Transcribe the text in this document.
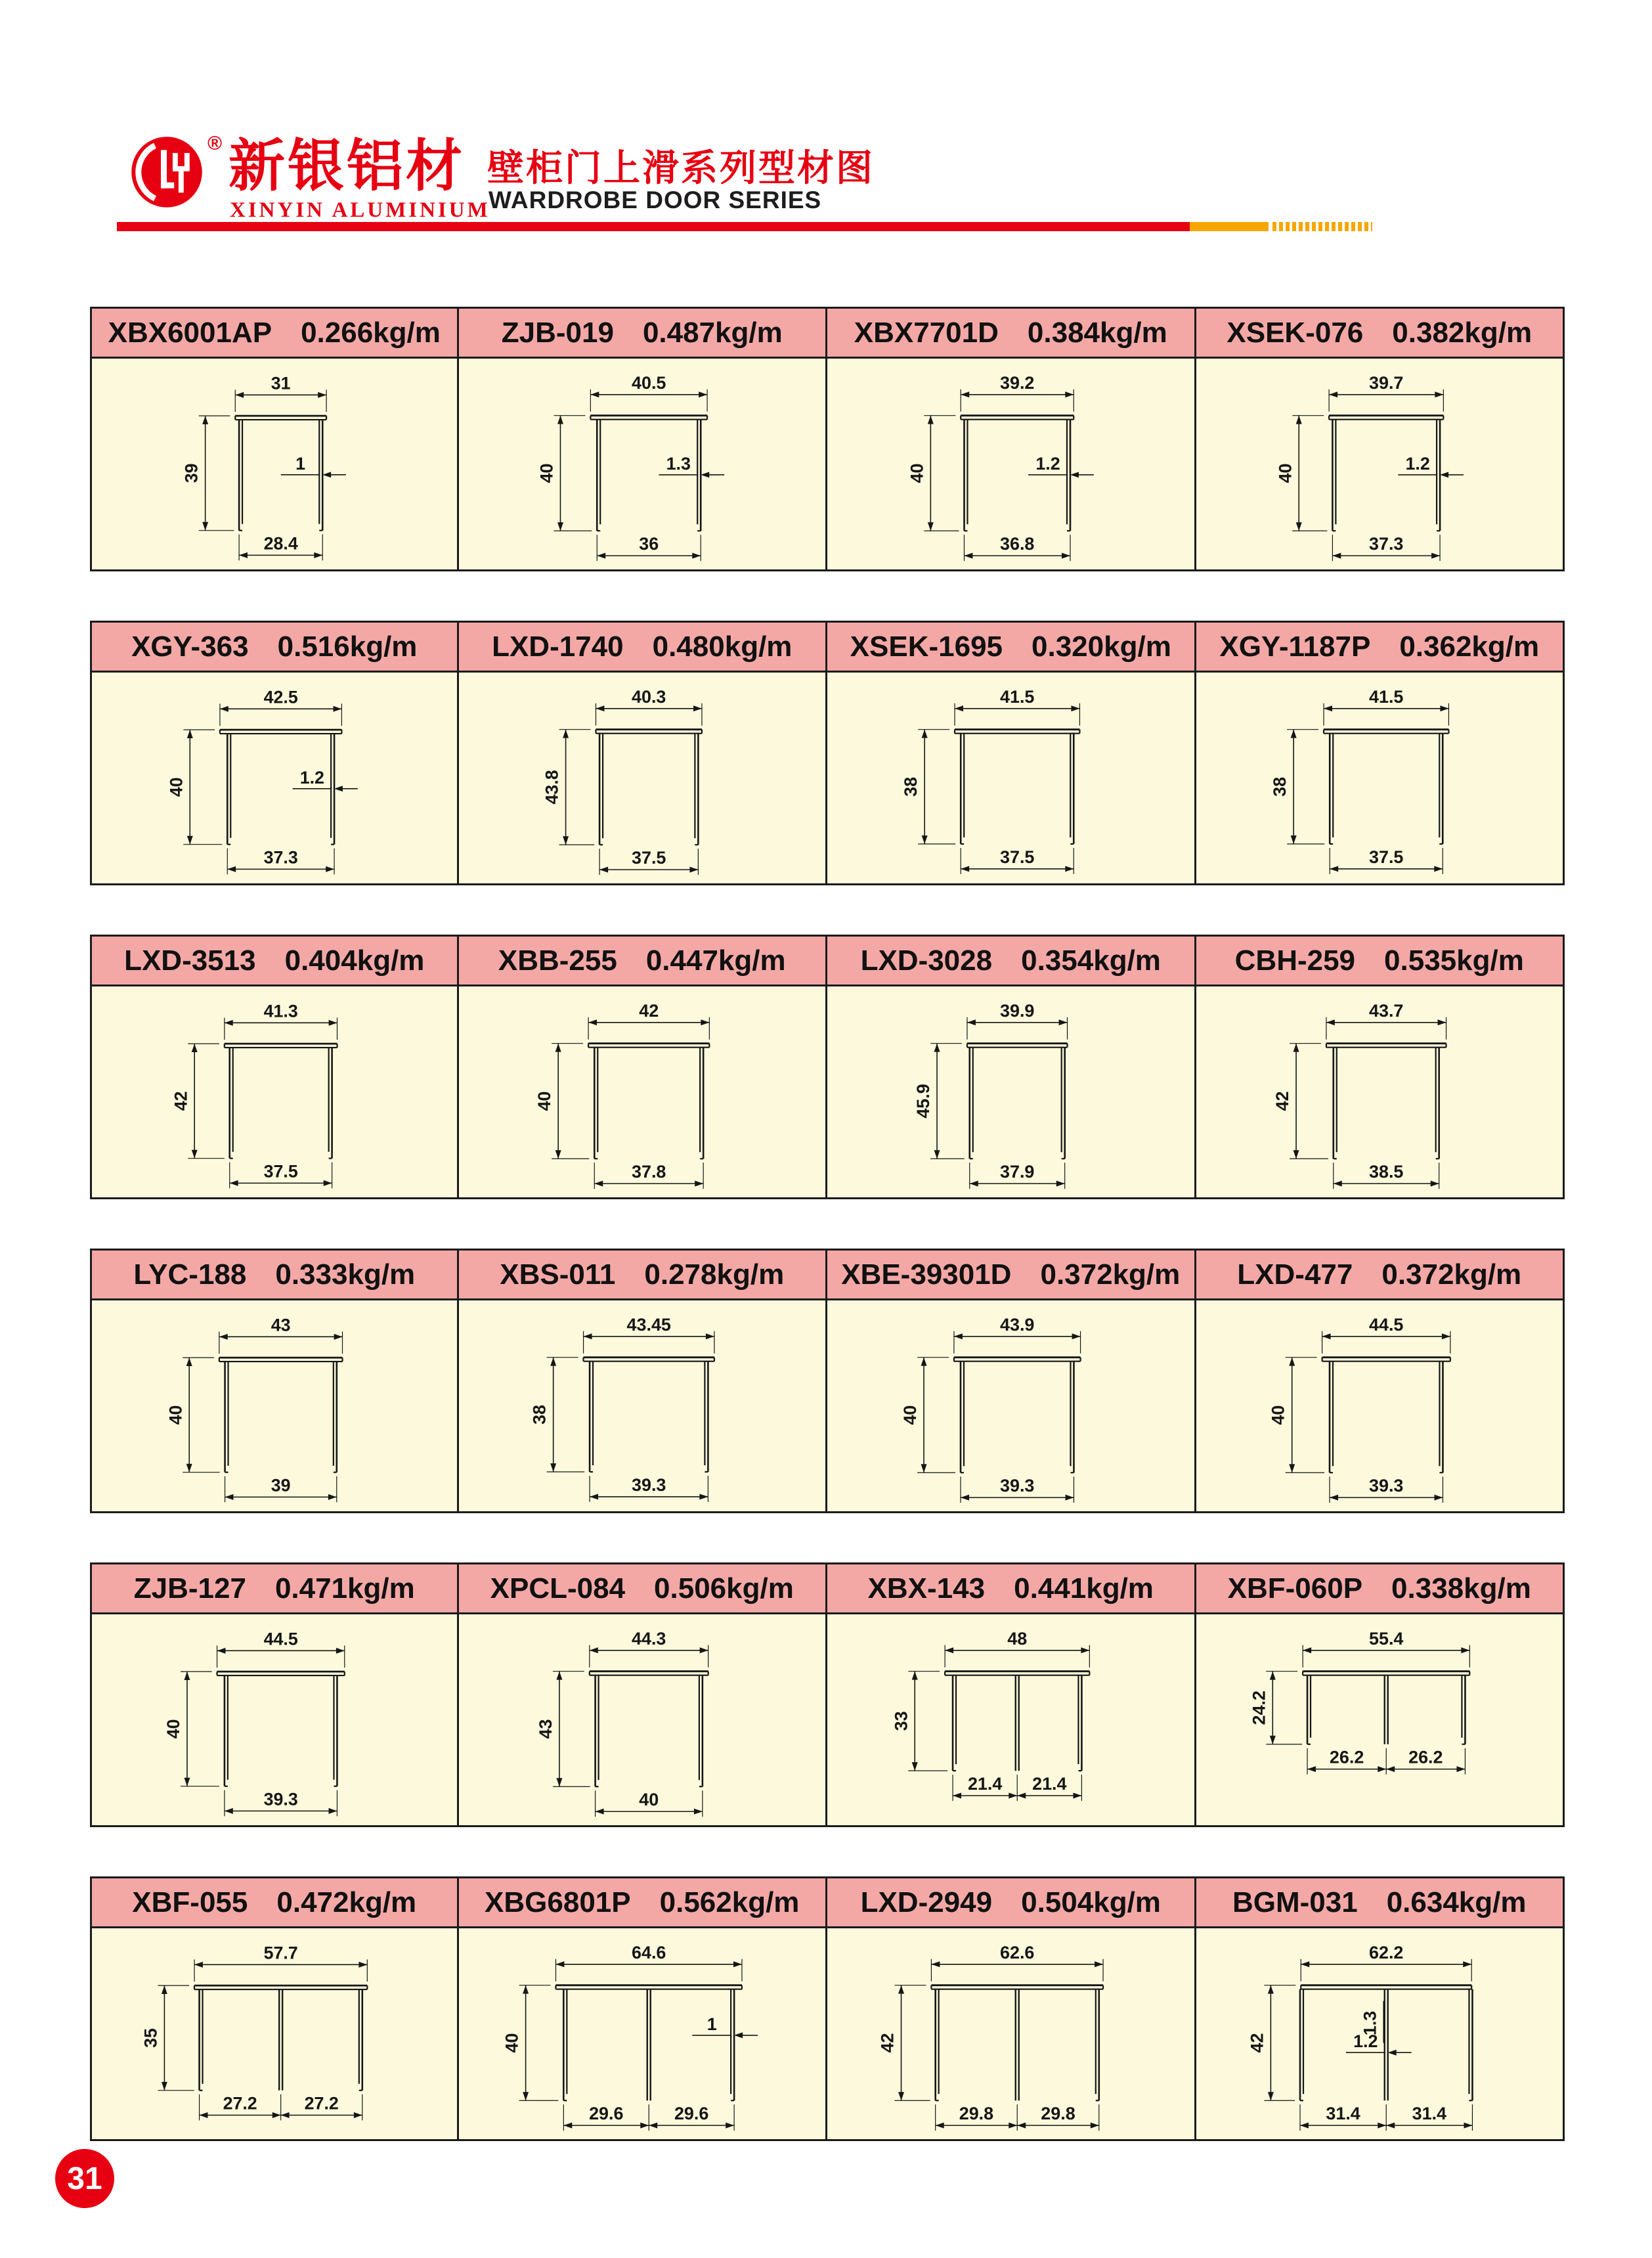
® 新银铝材
XINYIN ALUMINIUM
壁柜门上滑系列型材图
WARDROBE DOOR SERIES
XBX6001AP 0.266kg/m
31
39
28.4
1
ZJB-019 0.487kg/m
40.5
40
36
1.3
XBX7701D 0.384kg/m
39.2
40
36.8
1.2
XSEK-076 0.382kg/m
39.7
40
37.3
1.2
XGY-363 0.516kg/m
42.5
40
37.3
1.2
LXD-1740 0.480kg/m
40.3
43.8
37.5
XSEK-1695 0.320kg/m
41.5
38
37.5
XGY-1187P 0.362kg/m
41.5
38
37.5
LXD-3513 0.404kg/m
41.3
42
37.5
XBB-255 0.447kg/m
42
40
37.8
LXD-3028 0.354kg/m
39.9
45.9
37.9
CBH-259 0.535kg/m
43.7
42
38.5
LYC-188 0.333kg/m
43
40
39
XBS-011 0.278kg/m
43.45
38
39.3
XBE-39301D 0.372kg/m
43.9
40
39.3
LXD-477 0.372kg/m
44.5
40
39.3
ZJB-127 0.471kg/m
44.5
40
39.3
XPCL-084 0.506kg/m
44.3
43
40
XBX-143 0.441kg/m
48
33
21.4 21.4
XBF-060P 0.338kg/m
55.4
24.2
26.2	26.2
XBF-055 0.472kg/m
57.7
35
27.2	27.2
XBG6801P 0.562kg/m
64.6
40
29.6	29.6
1
LXD-2949 0.504kg/m
62.6
42
29.8	29.8
BGM-031 0.634kg/m
62.2
42
31.4	31.4
1.3
1.2
31
